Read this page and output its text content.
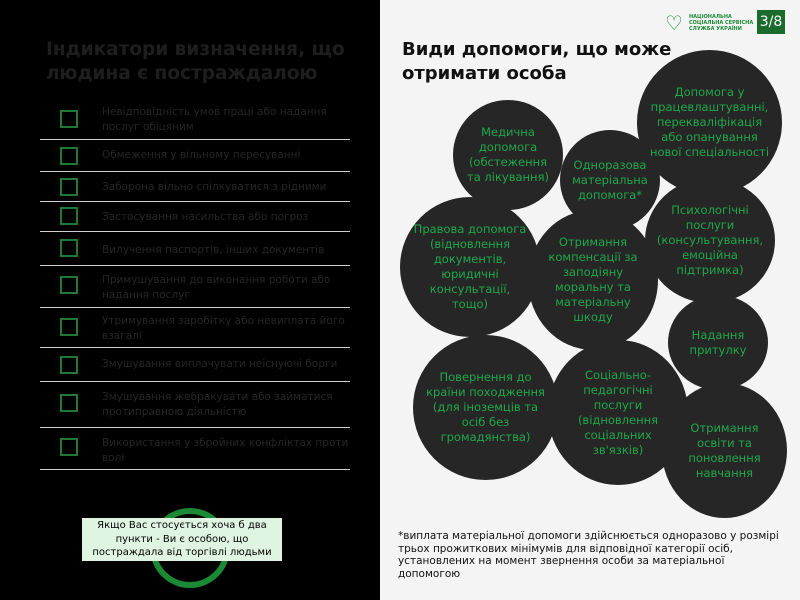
Індикатори визначення, що людина є постраждалою
Невідповідність умов праці або надання послуг обіцяним
Обмеження у вільному пересуванні
Заборона вільно спілкуватися з рідними
Застосування насильства або погроз
Вилучення паспортів, інших документів
Примушування до виконання роботи або надання послуг
Утримування заробітку або невиплата його взагалі
Змушування виплачувати неіснуючі борги
Змушування жебракувати або займатися протиправною діяльністю
Використання у збройних конфліктах проти волі
Якщо Вас стосується хоча б два пункти - Ви є особою, що постраждала від торгівлі людьми
♡ НАЦІОНАЛЬНА СОЦІАЛЬНА СЕРВІСНА СЛУЖБА УКРАЇНИ	3/8
Види допомоги, що може отримати особа
Медична допомога (обстеження та лікування)
Одноразова матеріальна допомога*
Допомога у працевлаштуванні, перекваліфікація або опанування нової спеціальності
Правова допомога (відновлення документів, юридичні консультації, тощо)
Отримання компенсації за заподіяну моральну та матеріальну шкоду
Психологічні послуги (консультування, емоційна підтримка)
Надання притулку
Повернення до країни походження (для іноземців та осіб без громадянства)
Соціально-педагогічні послуги (відновлення соціальних зв'язків)
Отримання освіти та поновлення навчання
*виплата матеріальної допомоги здійснюється одноразово у розмірі трьох прожиткових мінімумів для відповідної категорії осіб, установлених на момент звернення особи за матеріальної допомогою
